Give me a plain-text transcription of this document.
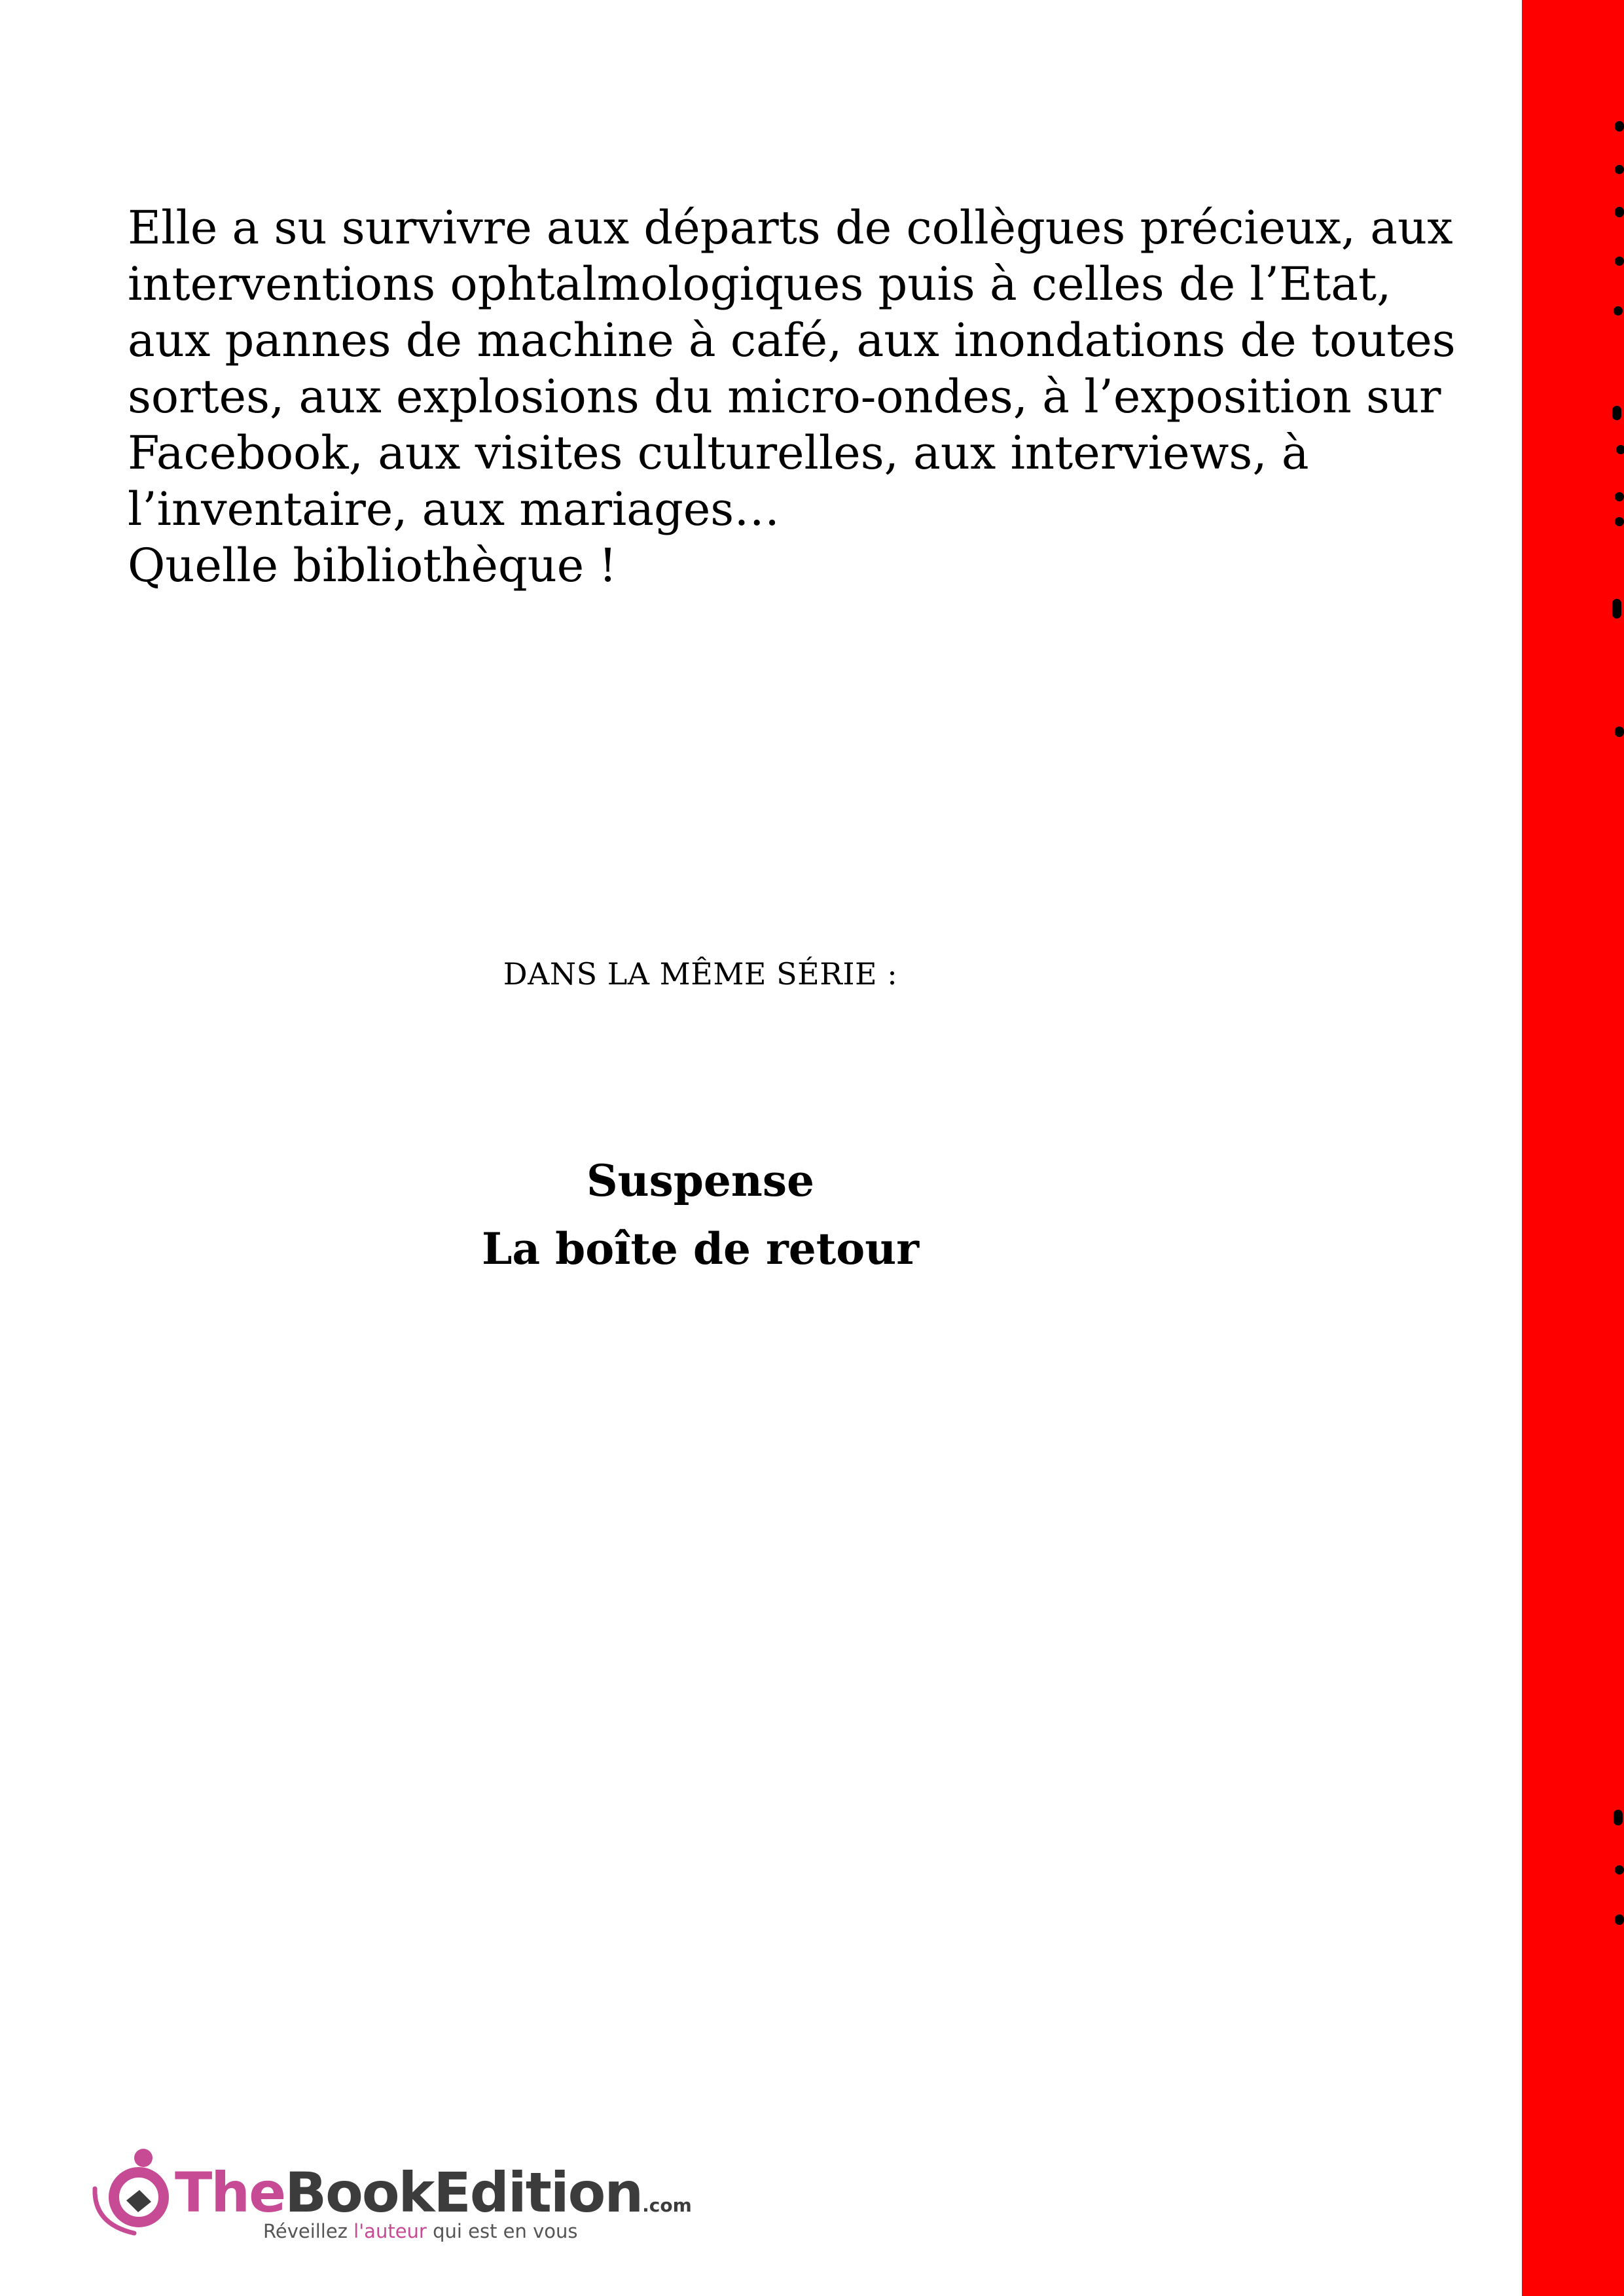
Elle a su survivre aux départs de collègues précieux, aux
interventions ophtalmologiques puis à celles de l’Etat,
aux pannes de machine à café, aux inondations de toutes
sortes, aux explosions du micro-ondes, à l’exposition sur
Facebook, aux visites culturelles, aux interviews, à
l’inventaire, aux mariages…
Quelle bibliothèque !

DANS LA MÊME SÉRIE :

Suspense
La boîte de retour
TheBookEdition.com
Réveillez l'auteur qui est en vous
